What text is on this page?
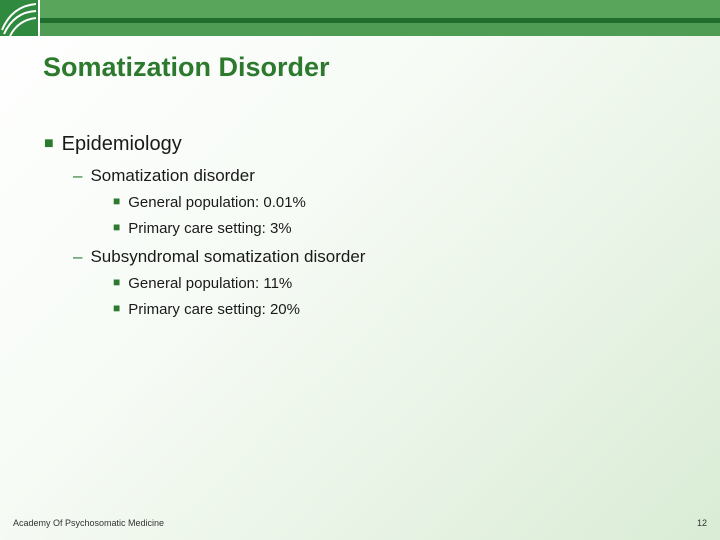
Somatization Disorder
■ Epidemiology
– Somatization disorder
■ General population: 0.01%
■ Primary care setting: 3%
– Subsyndromal somatization disorder
■ General population: 11%
■ Primary care setting: 20%
Academy Of Psychosomatic Medicine	12
